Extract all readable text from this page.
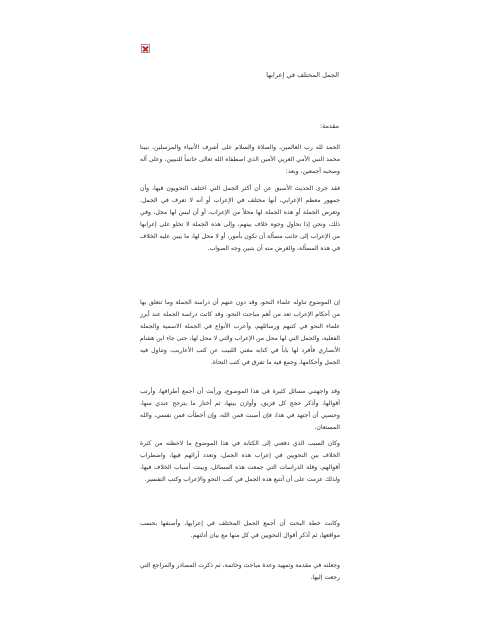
الجمل المختلف في إعرابها
مقدمة:

الحمد لله رب العالمين، والصلاة والسلام على أشرف الأنبياء والمرسلين، نبينا محمد النبي الأمي العربي الأمين الذي اصطفاه الله تعالى خاتماً للنبيين، وعلى آله وصحبه أجمعين، وبعد:

فقد جرى الحديث الأسبق عن أن أكثر الجمل التي اختلف النحويون فيها، وأن جمهور معظم الإعرابي، أنها مختلف في الإعراب أو أنه لا تعرف في الجمل. وتعرض الجملة أو هذه الجملة لها محلاً من الإعراب، أو أن ليس لها محل، وفي ذلك، ونحن إذا نحاول وجوه خلاف بينهم، وإلى هذه الجملة لا تخلو على إعرابها من الإعراب إلى جانب مسألة أن تكون بأمور، أو لا محل لها، ما يبين عليه الخلاف في هذه المسألة، والغرض منه أن يتبين وجه الصواب.

إن الموضوع تناوله علماء النحو، وقد دون عنهم أن دراسة الجملة وما تتعلق بها من أحكام الإعراب تعد من أهم مباحث النحو، وقد كانت دراسة الجملة عند أبرز علماء النحو في كتبهم ورسائلهم، وأعرب الأنواع في الجملة الاسمية والجملة الفعلية، والجمل التي لها محل من الإعراب والتي لا محل لها، حتى جاء ابن هشام الأنصاري فأفرد لها باباً في كتابه مغني اللبيب عن كتب الأعاريب، وتناول فيه الجمل وأحكامها، وجمع فيه ما تفرق في كتب النحاة.

وقد واجهتني مسائل كثيرة في هذا الموضوع، ورأيت أن أجمع أطرافها، وأرتب أقوالها، وأذكر حجج كل فريق، وأوازن بينها، ثم أختار ما يترجح عندي منها، وحسبي أن أجتهد في هذا، فإن أصبت فمن الله، وإن أخطأت فمن نفسي، والله المستعان.

وكان السبب الذي دفعني إلى الكتابة في هذا الموضوع ما لاحظته من كثرة الخلاف بين النحويين في إعراب هذه الجمل، وتعدد آرائهم فيها، واضطراب أقوالهم، وقلة الدراسات التي جمعت هذه المسائل، وبينت أسباب الخلاف فيها، ولذلك عزمت على أن أتتبع هذه الجمل في كتب النحو والإعراب وكتب التفسير.

وكانت خطة البحث أن أجمع الجمل المختلف في إعرابها، وأصنفها بحسب مواقعها، ثم أذكر أقوال النحويين في كل منها مع بيان أدلتهم.

وجعلته في مقدمة وتمهيد وعدة مباحث وخاتمة، ثم ذكرت المصادر والمراجع التي رجعت إليها.
